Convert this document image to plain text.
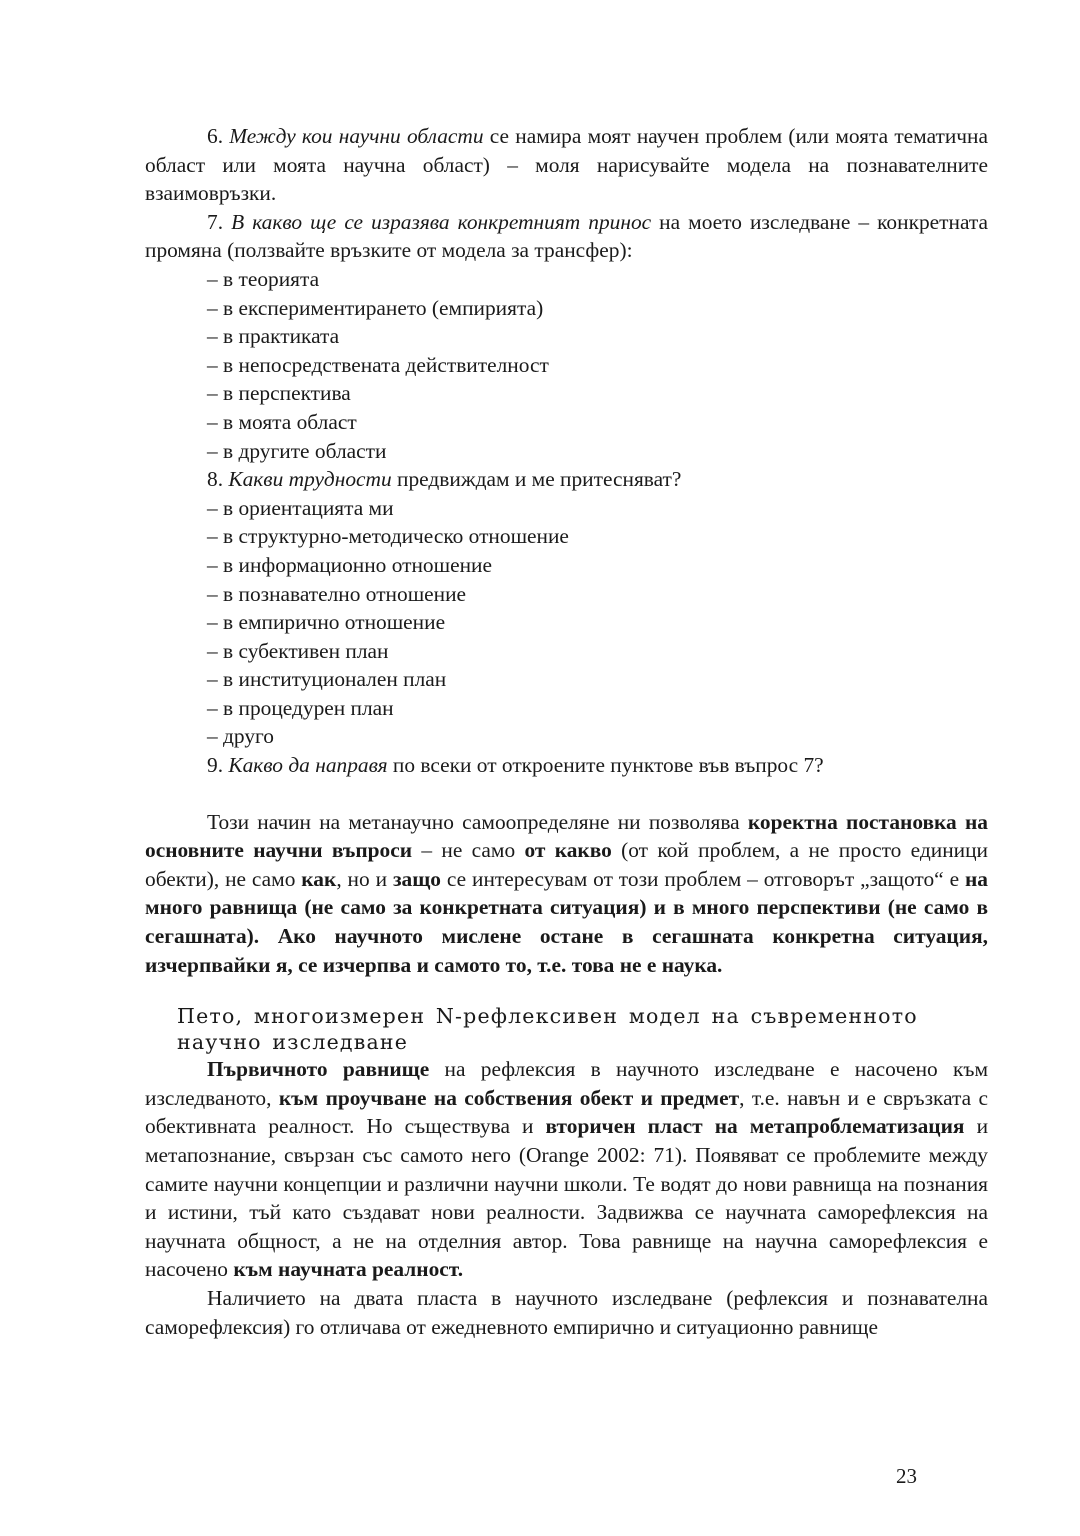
6. Между кои научни области се намира моят научен проблем (или моята тематична област или моята научна област) – моля нарисувайте модела на познавателните взаимовръзки.

7. В какво ще се изразява конкретният принос на моето изследване – конкретната промяна (ползвайте връзките от модела за трансфер):

– в теорията

– в експериментирането (емпирията)

– в практиката

– в непосредствената действителност

– в перспектива

– в моята област

– в другите области

8. Какви трудности предвиждам и ме притесняват?

– в ориентацията ми

– в структурно-методическо отношение

– в информационно отношение

– в познавателно отношение

– в емпирично отношение

– в субективен план

– в институционален план

– в процедурен план

– друго

9. Какво да направя по всеки от откроените пунктове във въпрос 7?

Този начин на метанаучно самоопределяне ни позволява коректна постановка на основните научни въпроси – не само от какво (от кой проблем, а не просто единици обекти), не само как, но и защо се интересувам от този проблем – отговорът „защото“ е на много равнища (не само за конкретната ситуация) и в много перспективи (не само в сегашната). Ако научното мислене остане в сегашната конкретна ситуация, изчерпвайки я, се изчерпва и самото то, т.е. това не е наука.

Пето, многоизмерен N-рефлексивен модел на съвременното научно изследване

Първичното равнище на рефлексия в научното изследване е насочено към изследваното, към проучване на собствения обект и предмет, т.е. навън и е свръзката с обективната реалност. Но съществува и вторичен пласт на метапроблематизация и метапознание, свързан със самото него (Orange 2002: 71). Появяват се проблемите между самите научни концепции и различни научни школи. Те водят до нови равнища на познания и истини, тъй като създават нови реалности. Задвижва се научната саморефлексия на научната общност, а не на отделния автор. Това равнище на научна саморефлексия е насочено към научната реалност.

Наличието на двата пласта в научното изследване (рефлексия и познавателна саморефлексия) го отличава от ежедневното емпирично и ситуационно равнище

23
